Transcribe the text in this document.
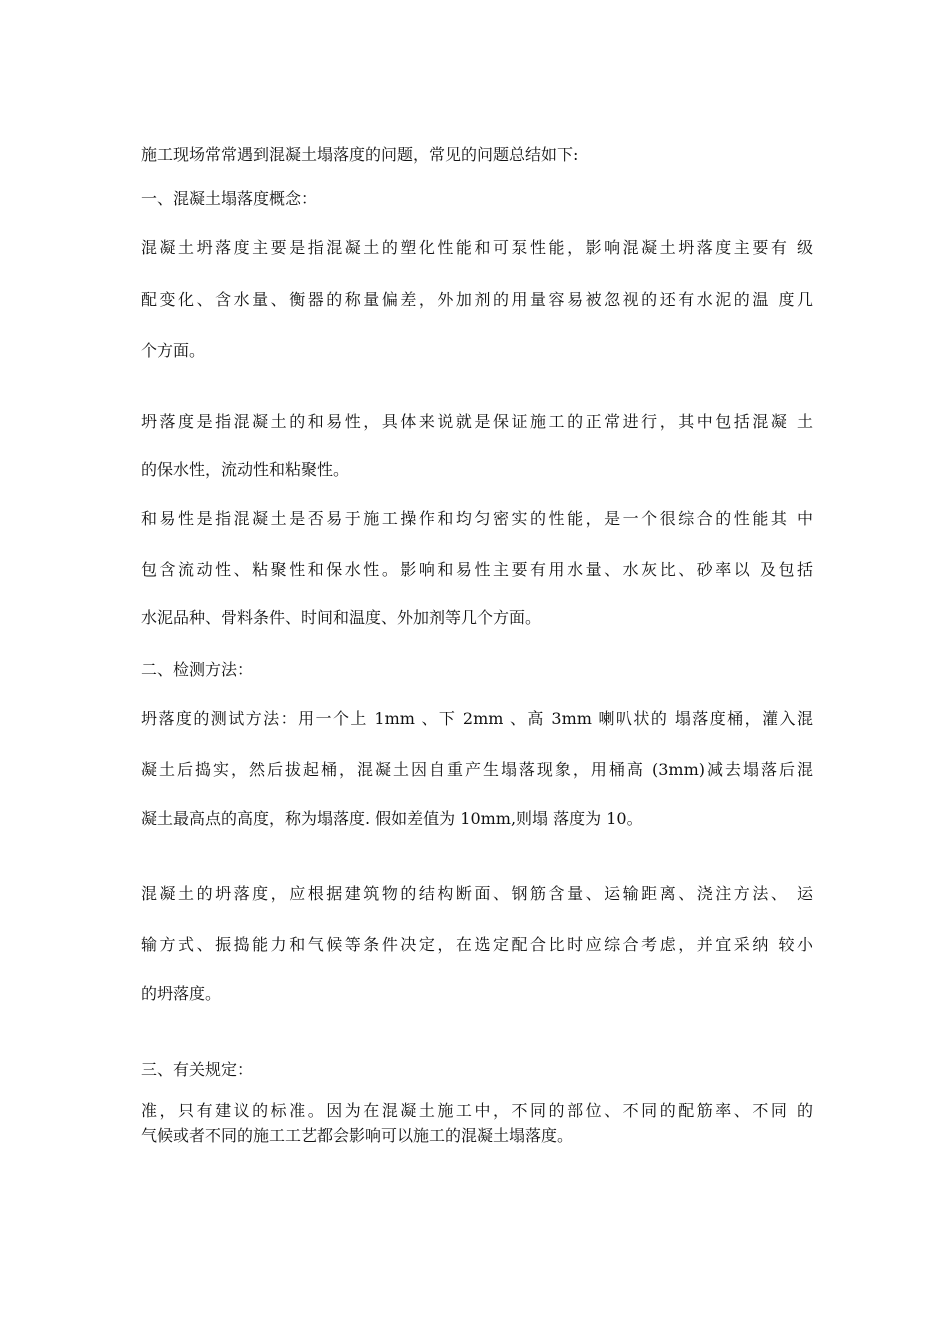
施工现场常常遇到混凝土塌落度的问题，常见的问题总结如下:
一、混凝土塌落度概念：
混凝土坍落度主要是指混凝土的塑化性能和可泵性能，影响混凝土坍落度主要有 级
配变化、含水量、衡器的称量偏差，外加剂的用量容易被忽视的还有水泥的温 度几
个方面。
坍落度是指混凝土的和易性，具体来说就是保证施工的正常进行，其中包括混凝 土
的保水性，流动性和粘聚性。
和易性是指混凝土是否易于施工操作和均匀密实的性能，是一个很综合的性能其 中
包含流动性、粘聚性和保水性。影响和易性主要有用水量、水灰比、砂率以 及包括
水泥品种、骨料条件、时间和温度、外加剂等几个方面。
二、检测方法：
坍落度的测试方法：用一个上 1mm 、下 2mm 、高 3mm 喇叭状的 塌落度桶，灌入混
凝土后捣实，然后拔起桶，混凝土因自重产生塌落现象，用桶高 (3mm)减去塌落后混
凝土最高点的高度，称为塌落度. 假如差值为 10mm,则塌 落度为 10。
混凝土的坍落度，应根据建筑物的结构断面、钢筋含量、运输距离、浇注方法、 运
输方式、振捣能力和气候等条件决定，在选定配合比时应综合考虑，并宜采纳 较小
的坍落度。
三、有关规定：
准，只有建议的标准。因为在混凝土施工中，不同的部位、不同的配筋率、不同 的
气候或者不同的施工工艺都会影响可以施工的混凝土塌落度。
